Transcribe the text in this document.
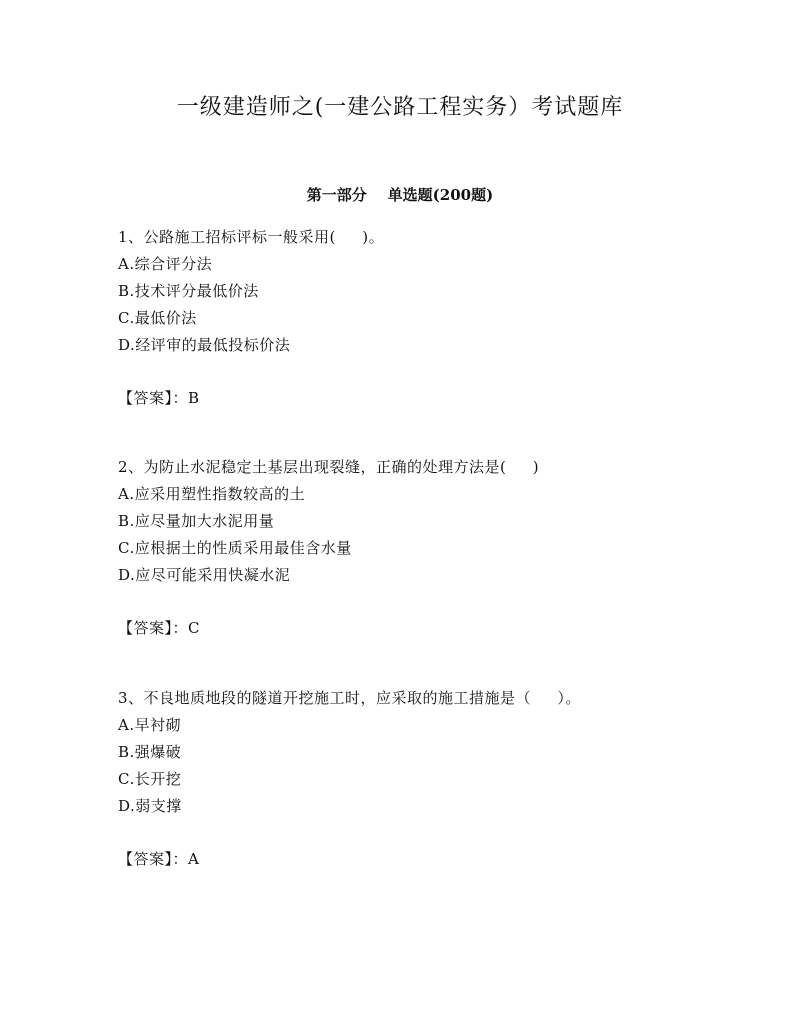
一级建造师之(一建公路工程实务）考试题库
第一部分    单选题(200题)
1、公路施工招标评标一般采用(     )。
A.综合评分法
B.技术评分最低价法
C.最低价法
D.经评审的最低投标价法
【答案】：B
2、为防止水泥稳定土基层出现裂缝，正确的处理方法是(     )
A.应采用塑性指数较高的土
B.应尽量加大水泥用量
C.应根据土的性质采用最佳含水量
D.应尽可能采用快凝水泥
【答案】：C
3、不良地质地段的隧道开挖施工时，应采取的施工措施是（     ）。
A.早衬砌
B.强爆破
C.长开挖
D.弱支撑
【答案】：A
